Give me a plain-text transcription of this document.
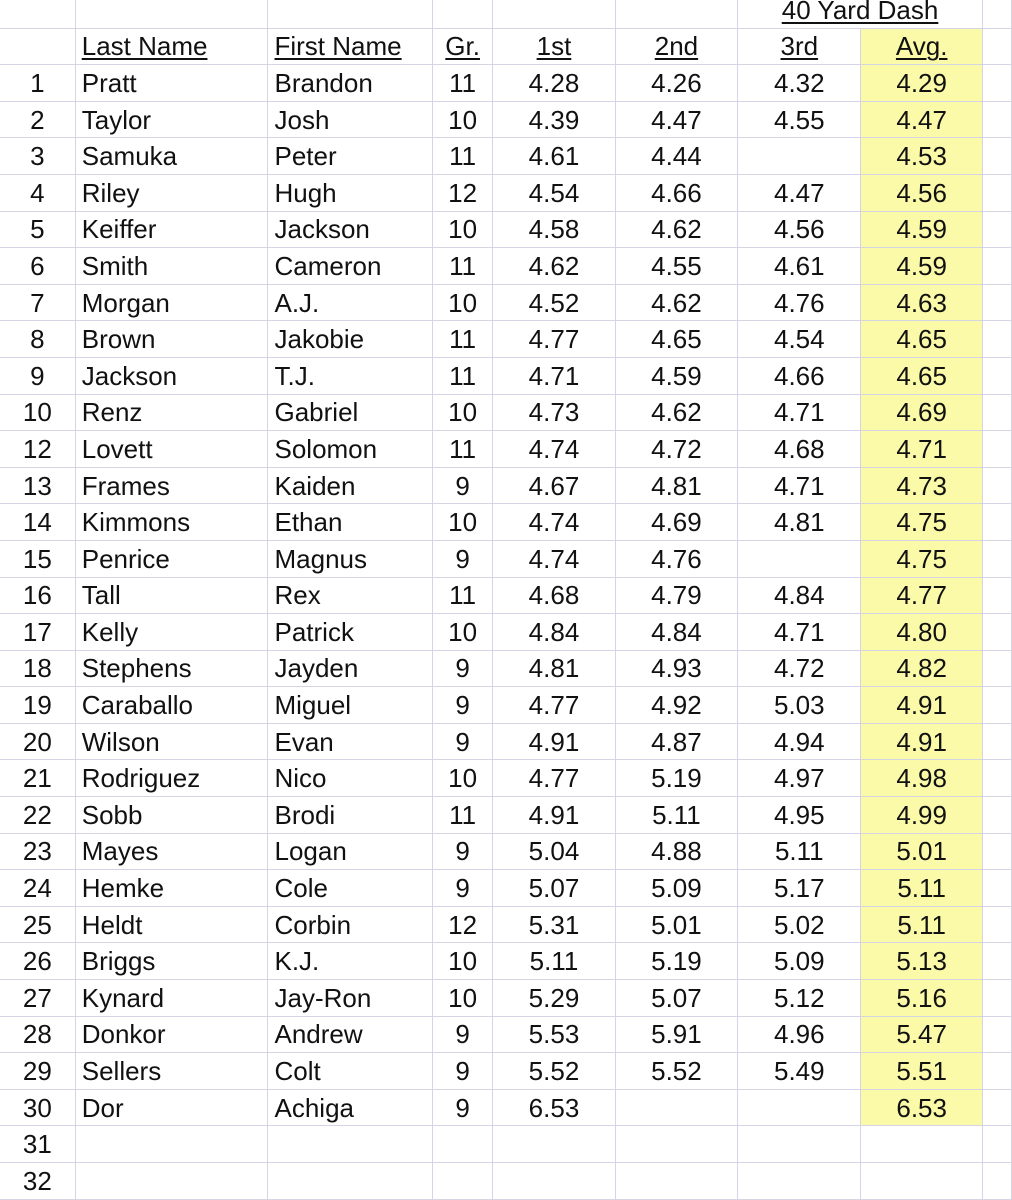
						40 Yard Dash		
	Last Name	First Name	Gr.	1st	2nd	3rd	Avg.	
1	Pratt	Brandon	11	4.28	4.26	4.32	4.29	
2	Taylor	Josh	10	4.39	4.47	4.55	4.47	
3	Samuka	Peter	11	4.61	4.44		4.53	
4	Riley	Hugh	12	4.54	4.66	4.47	4.56	
5	Keiffer	Jackson	10	4.58	4.62	4.56	4.59	
6	Smith	Cameron	11	4.62	4.55	4.61	4.59	
7	Morgan	A.J.	10	4.52	4.62	4.76	4.63	
8	Brown	Jakobie	11	4.77	4.65	4.54	4.65	
9	Jackson	T.J.	11	4.71	4.59	4.66	4.65	
10	Renz	Gabriel	10	4.73	4.62	4.71	4.69	
12	Lovett	Solomon	11	4.74	4.72	4.68	4.71	
13	Frames	Kaiden	9	4.67	4.81	4.71	4.73	
14	Kimmons	Ethan	10	4.74	4.69	4.81	4.75	
15	Penrice	Magnus	9	4.74	4.76		4.75	
16	Tall	Rex	11	4.68	4.79	4.84	4.77	
17	Kelly	Patrick	10	4.84	4.84	4.71	4.80	
18	Stephens	Jayden	9	4.81	4.93	4.72	4.82	
19	Caraballo	Miguel	9	4.77	4.92	5.03	4.91	
20	Wilson	Evan	9	4.91	4.87	4.94	4.91	
21	Rodriguez	Nico	10	4.77	5.19	4.97	4.98	
22	Sobb	Brodi	11	4.91	5.11	4.95	4.99	
23	Mayes	Logan	9	5.04	4.88	5.11	5.01	
24	Hemke	Cole	9	5.07	5.09	5.17	5.11	
25	Heldt	Corbin	12	5.31	5.01	5.02	5.11	
26	Briggs	K.J.	10	5.11	5.19	5.09	5.13	
27	Kynard	Jay-Ron	10	5.29	5.07	5.12	5.16	
28	Donkor	Andrew	9	5.53	5.91	4.96	5.47	
29	Sellers	Colt	9	5.52	5.52	5.49	5.51	
30	Dor	Achiga	9	6.53			6.53	
31								
32								
